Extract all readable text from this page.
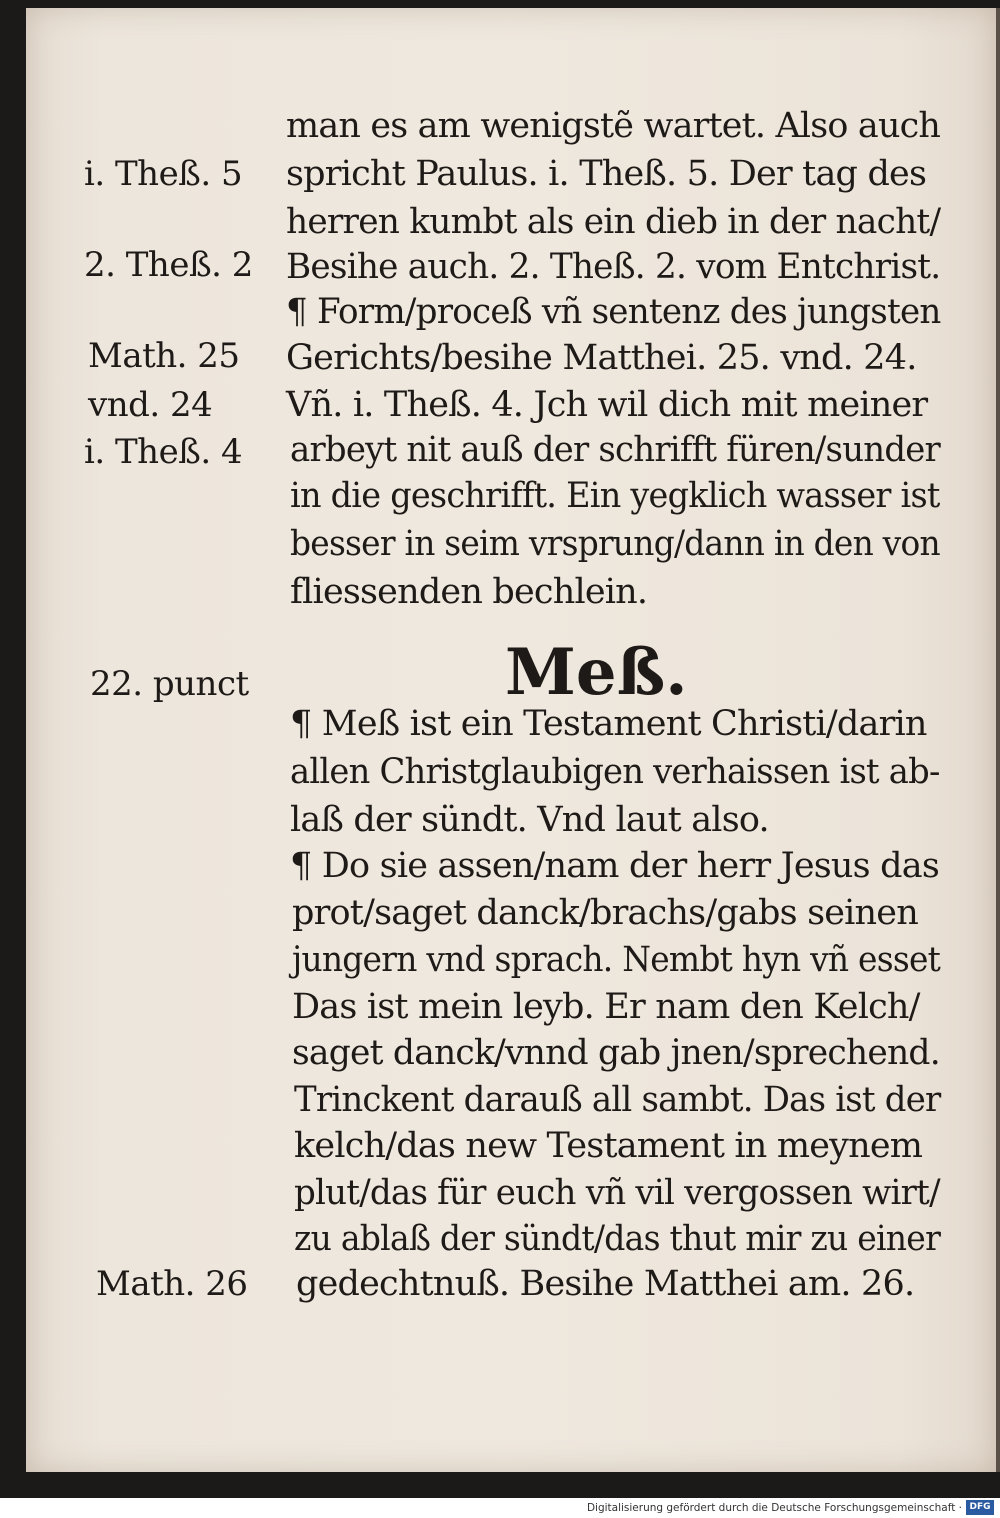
man es am wenigstẽ wartet. Also auch
spricht Paulus. i. Theß. 5. Der tag des
herren kumbt als ein dieb in der nacht/
Besihe auch. 2. Theß. 2. vom Entchrist.
¶ Form/proceß vñ sentenz des jungsten
Gerichts/besihe Matthei. 25. vnd. 24.
Vñ. i. Theß. 4. Jch wil dich mit meiner
arbeyt nit auß der schrifft füren/sunder
in die geschrifft. Ein yegklich wasser ist
besser in seim vrsprung/dann in den von
fliessenden bechlein.
Meß.
¶ Meß ist ein Testament Christi/darin
allen Christglaubigen verhaissen ist ab-
laß der sündt. Vnd laut also.
¶ Do sie assen/nam der herr Jesus das
prot/saget danck/brachs/gabs seinen
jungern vnd sprach. Nembt hyn vñ esset
Das ist mein leyb. Er nam den Kelch/
saget danck/vnnd gab jnen/sprechend.
Trinckent darauß all sambt. Das ist der
kelch/das new Testament in meynem
plut/das für euch vñ vil vergossen wirt/
zu ablaß der sündt/das thut mir zu einer
gedechtnuß. Besihe Matthei am. 26.
i. Theß. 5
2. Theß. 2
Math. 25
vnd. 24
i. Theß. 4
22. punct
Math. 26
Digitalisierung gefördert durch die Deutsche Forschungsgemeinschaft · DFG
